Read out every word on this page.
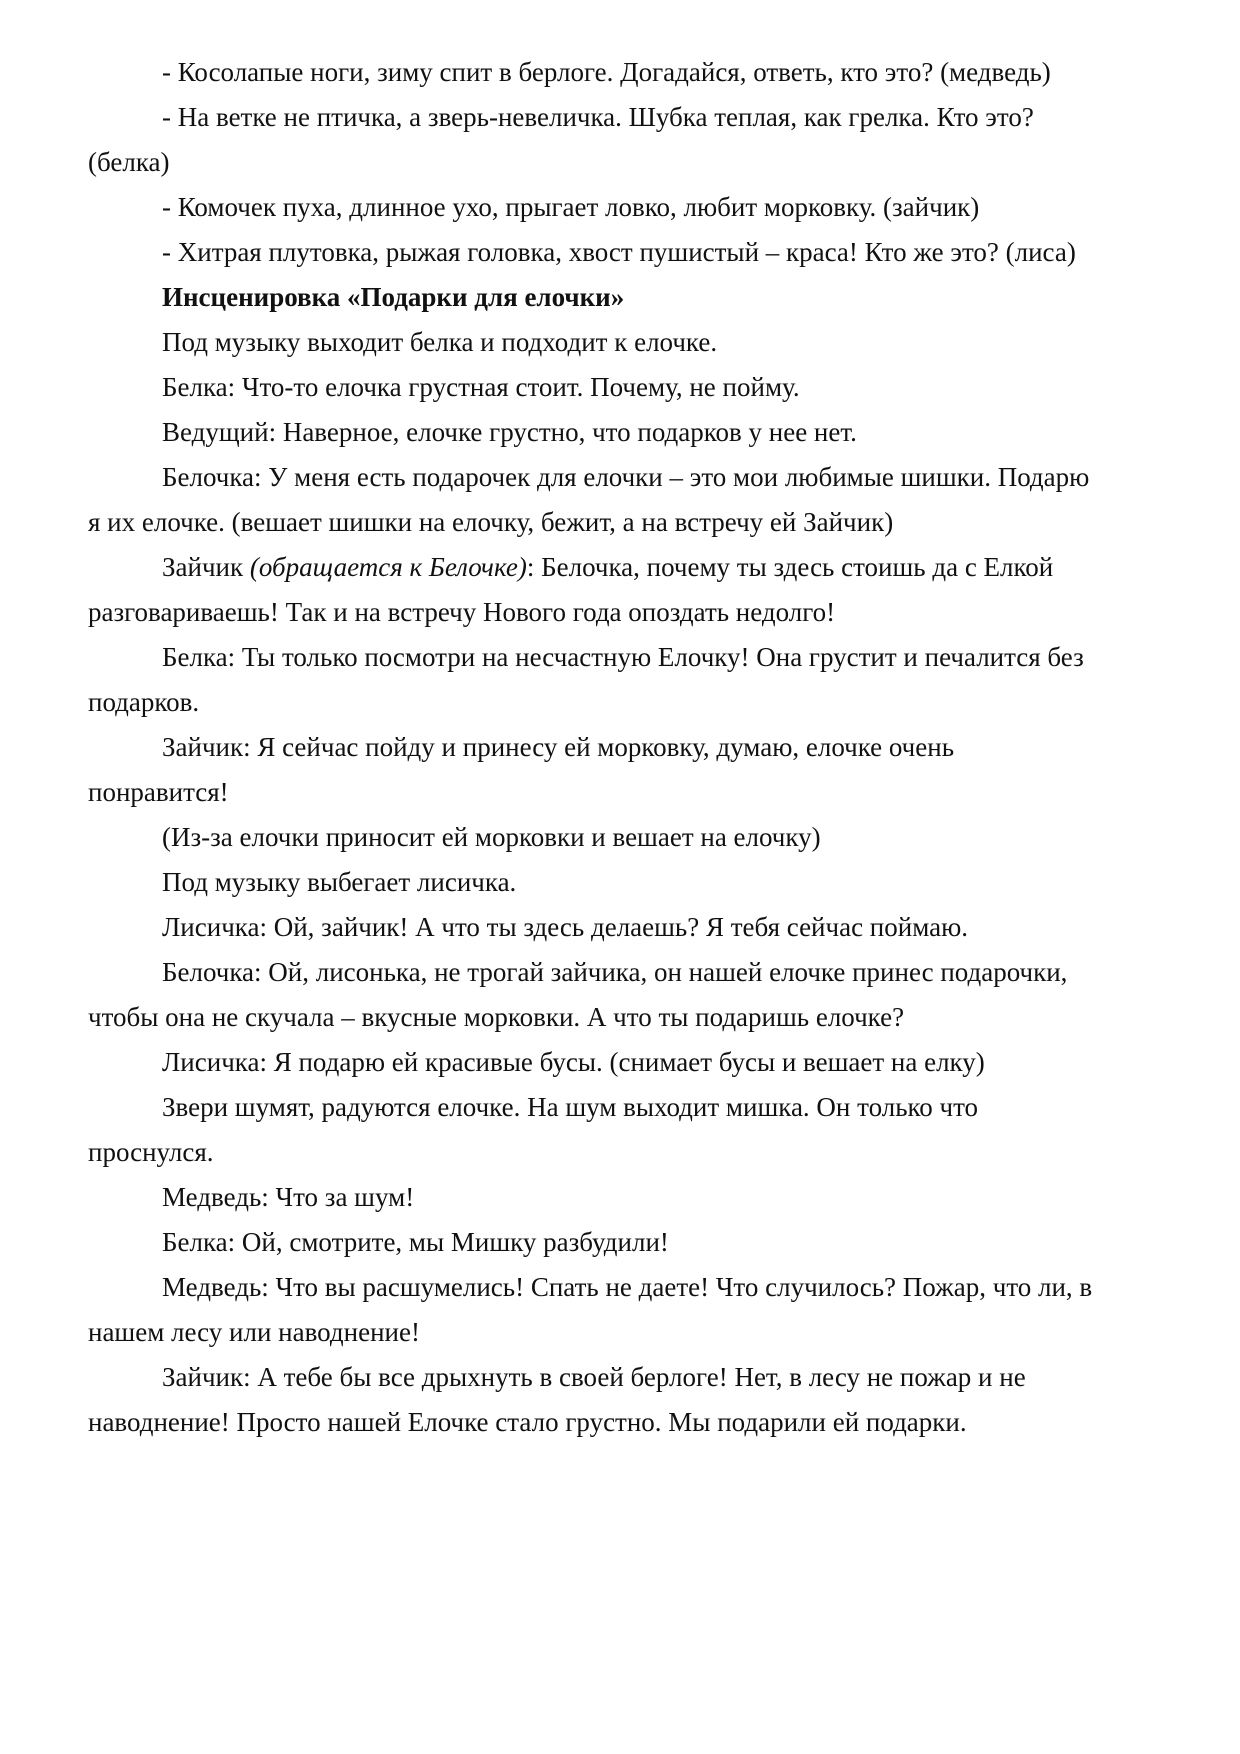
- Косолапые ноги, зиму спит в берлоге. Догадайся, ответь, кто это? (медведь)
- На ветке не птичка, а зверь-невеличка. Шубка теплая, как грелка. Кто это?
(белка)
- Комочек пуха, длинное ухо, прыгает ловко, любит морковку. (зайчик)
- Хитрая плутовка, рыжая головка, хвост пушистый – краса! Кто же это? (лиса)
Инсценировка «Подарки для елочки»
Под музыку выходит белка и подходит к елочке.
Белка: Что-то елочка грустная стоит. Почему, не пойму.
Ведущий: Наверное, елочке грустно, что подарков у нее нет.
Белочка: У меня есть подарочек для елочки – это мои любимые шишки. Подарю
я их елочке. (вешает шишки на елочку, бежит, а на встречу ей Зайчик)
Зайчик (обращается к Белочке): Белочка, почему ты здесь стоишь да с Елкой
разговариваешь! Так и на встречу Нового года опоздать недолго!
Белка: Ты только посмотри на несчастную Елочку! Она грустит и печалится без
подарков.
Зайчик: Я сейчас пойду и принесу ей морковку, думаю, елочке очень
понравится!
(Из-за елочки приносит ей морковки и вешает на елочку)
Под музыку выбегает лисичка.
Лисичка: Ой, зайчик! А что ты здесь делаешь? Я тебя сейчас поймаю.
Белочка: Ой, лисонька, не трогай зайчика, он нашей елочке принес подарочки,
чтобы она не скучала – вкусные морковки. А что ты подаришь елочке?
Лисичка: Я подарю ей красивые бусы. (снимает бусы и вешает на елку)
Звери шумят, радуются елочке. На шум выходит мишка. Он только что
проснулся.
Медведь: Что за шум!
Белка: Ой, смотрите, мы Мишку разбудили!
Медведь: Что вы расшумелись! Спать не даете! Что случилось? Пожар, что ли, в
нашем лесу или наводнение!
Зайчик: А тебе бы все дрыхнуть в своей берлоге! Нет, в лесу не пожар и не
наводнение! Просто нашей Елочке стало грустно. Мы подарили ей подарки.
